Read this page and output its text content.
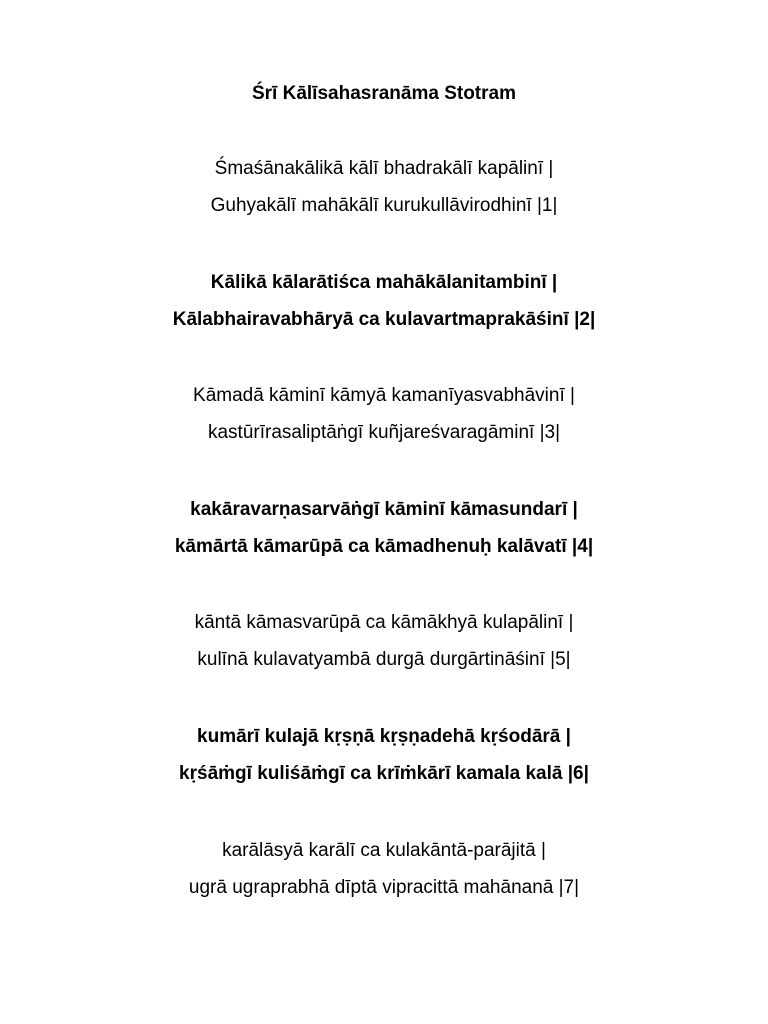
Śrī Kālīsahasranāma Stotram
Śmaśānakālikā kālī bhadrakālī kapālinī |
Guhyakālī mahākālī kurukullāvirodhinī |1|
Kālikā kālarātiśca mahākālanitambinī |
Kālabhairavabhāryā ca kulavartmaprakāśinī |2|
Kāmadā kāminī kāmyā kamanīyasvabhāvinī |
kastūrīrasaliptāṅgī kuñjareśvaragāminī |3|
kakāravarṇasarvāṅgī kāminī kāmasundarī |
kāmārtā kāmarūpā ca kāmadhenuḥ kalāvatī |4|
kāntā kāmasvarūpā ca kāmākhyā kulapālinī |
kulīnā kulavatyambā durgā durgārtināśinī |5|
kumārī kulajā kṛṣṇā kṛṣṇadehā kṛśodārā |
kṛśāṁgī kuliśāṁgī ca krīṁkārī kamala kalā |6|
karālāsyā karālī ca kulakāntā-parājitā |
ugrā ugraprabhā dīptā vipracittā mahānanā |7|
